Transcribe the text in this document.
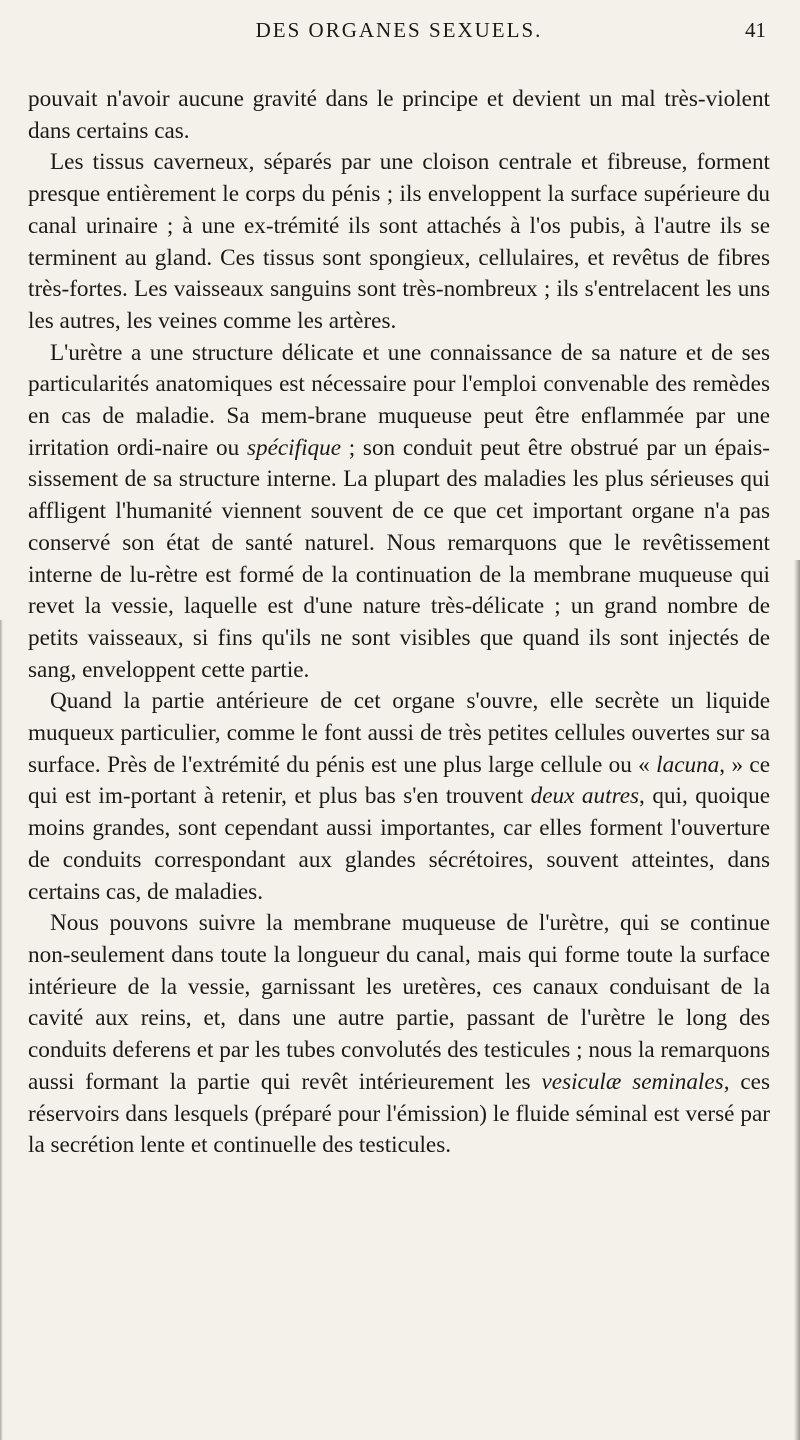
DES ORGANES SEXUELS.	41

pouvait n'avoir aucune gravité dans le principe et devient un mal très-violent dans certains cas.

Les tissus caverneux, séparés par une cloison centrale et fibreuse, forment presque entièrement le corps du pénis ; ils enveloppent la surface supérieure du canal urinaire ; à une ex-trémité ils sont attachés à l'os pubis, à l'autre ils se terminent au gland. Ces tissus sont spongieux, cellulaires, et revêtus de fibres très-fortes. Les vaisseaux sanguins sont très-nombreux ; ils s'entrelacent les uns les autres, les veines comme les artères.

L'urètre a une structure délicate et une connaissance de sa nature et de ses particularités anatomiques est nécessaire pour l'emploi convenable des remèdes en cas de maladie. Sa mem-brane muqueuse peut être enflammée par une irritation ordi-naire ou spécifique ; son conduit peut être obstrué par un épais-sissement de sa structure interne. La plupart des maladies les plus sérieuses qui affligent l'humanité viennent souvent de ce que cet important organe n'a pas conservé son état de santé naturel. Nous remarquons que le revêtissement interne de lu-rètre est formé de la continuation de la membrane muqueuse qui revet la vessie, laquelle est d'une nature très-délicate ; un grand nombre de petits vaisseaux, si fins qu'ils ne sont visibles que quand ils sont injectés de sang, enveloppent cette partie.

Quand la partie antérieure de cet organe s'ouvre, elle secrète un liquide muqueux particulier, comme le font aussi de très petites cellules ouvertes sur sa surface. Près de l'extrémité du pénis est une plus large cellule ou « lacuna, » ce qui est im-portant à retenir, et plus bas s'en trouvent deux autres, qui, quoique moins grandes, sont cependant aussi importantes, car elles forment l'ouverture de conduits correspondant aux glandes sécrétoires, souvent atteintes, dans certains cas, de maladies.

Nous pouvons suivre la membrane muqueuse de l'urètre, qui se continue non-seulement dans toute la longueur du canal, mais qui forme toute la surface intérieure de la vessie, garnissant les uretères, ces canaux conduisant de la cavité aux reins, et, dans une autre partie, passant de l'urètre le long des conduits deferens et par les tubes convolutés des testicules ; nous la remarquons aussi formant la partie qui revêt intérieurement les vesiculæ seminales, ces réservoirs dans lesquels (préparé pour l'émission) le fluide séminal est versé par la secrétion lente et continuelle des testicules.
